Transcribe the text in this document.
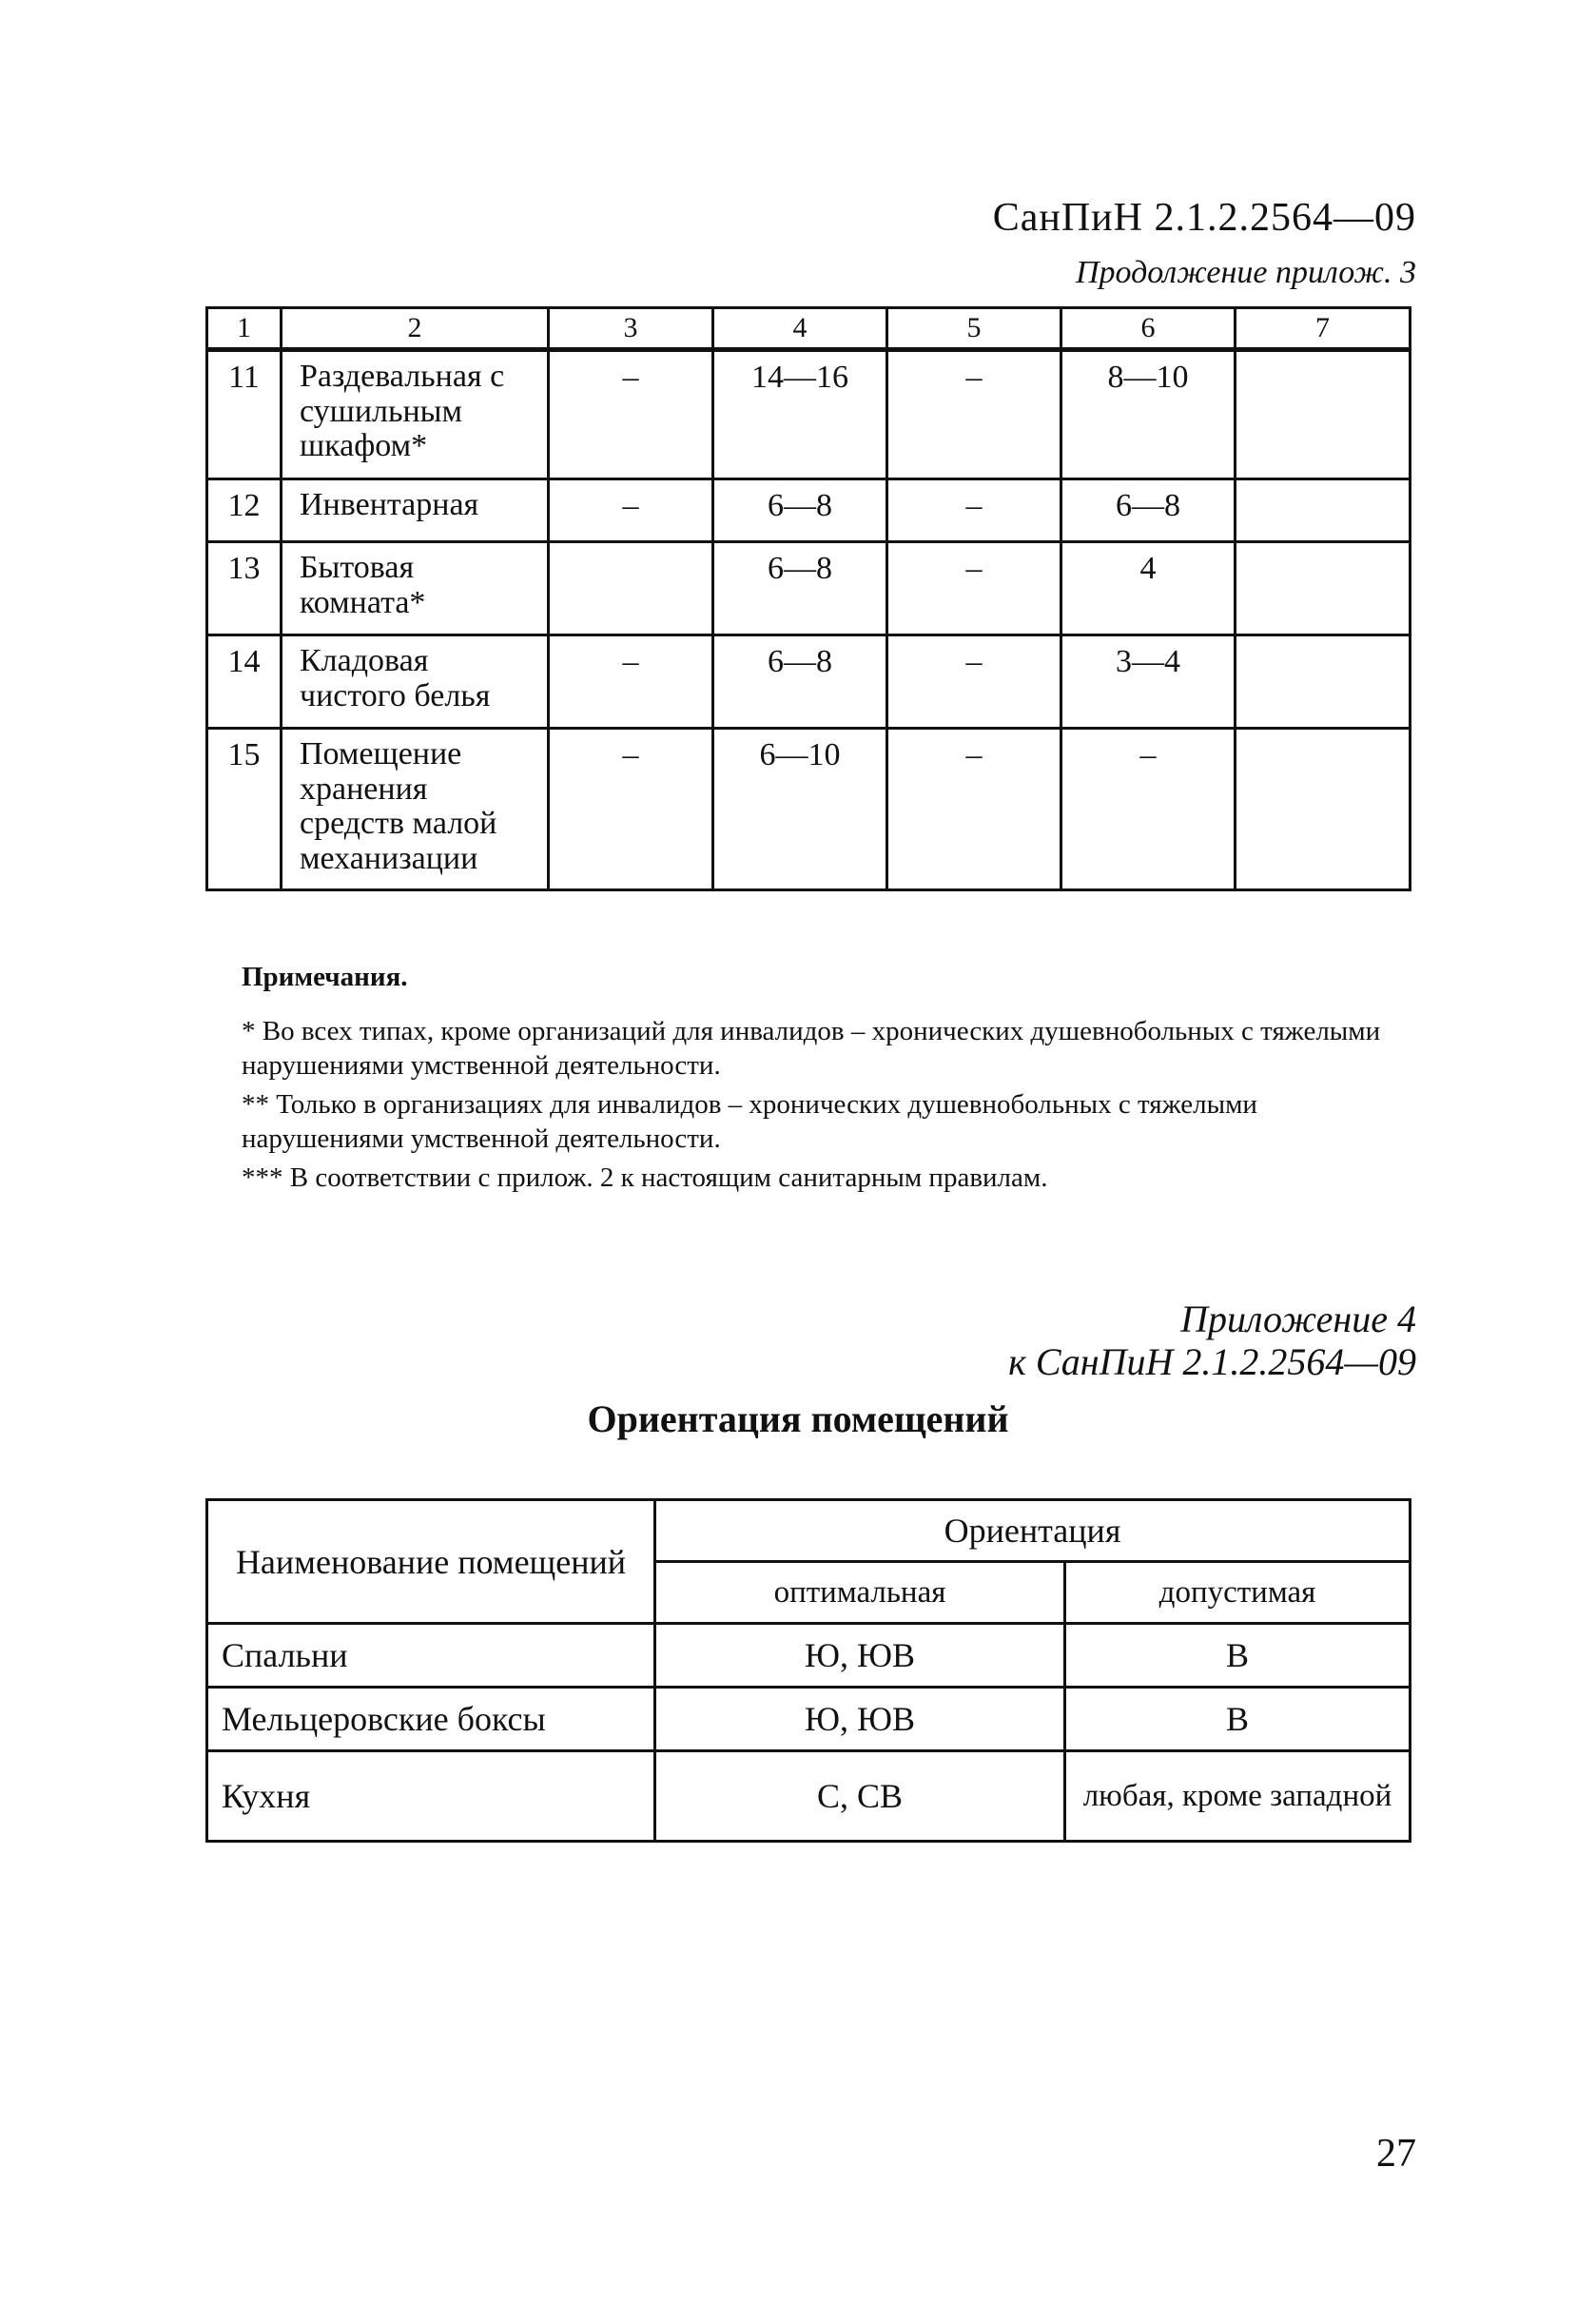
СанПиН 2.1.2.2564—09
Продолжение прилож. 3
1	2	3	4	5	6	7
11	Раздевальная с сушильным шкафом*	–	14—16	–	8—10	
12	Инвентарная	–	6—8	–	6—8	
13	Бытовая комната*		6—8	–	4	
14	Кладовая чистого белья	–	6—8	–	3—4	
15	Помещение хранения средств малой механизации	–	6—10	–	–	
Примечания.

* Во всех типах, кроме организаций для инвалидов – хронических душевнобольных с тяжелыми нарушениями умственной деятельности.

** Только в организациях для инвалидов – хронических душевнобольных с тяжелыми нарушениями умственной деятельности.

*** В соответствии с прилож. 2 к настоящим санитарным правилам.

Приложение 4
к СанПиН 2.1.2.2564—09
Ориентация помещений
Наименование помещений	Ориентация	
	оптимальная	допустимая
Спальни	Ю, ЮВ	В
Мельцеровские боксы	Ю, ЮВ	В
Кухня	С, СВ	любая, кроме западной
27
